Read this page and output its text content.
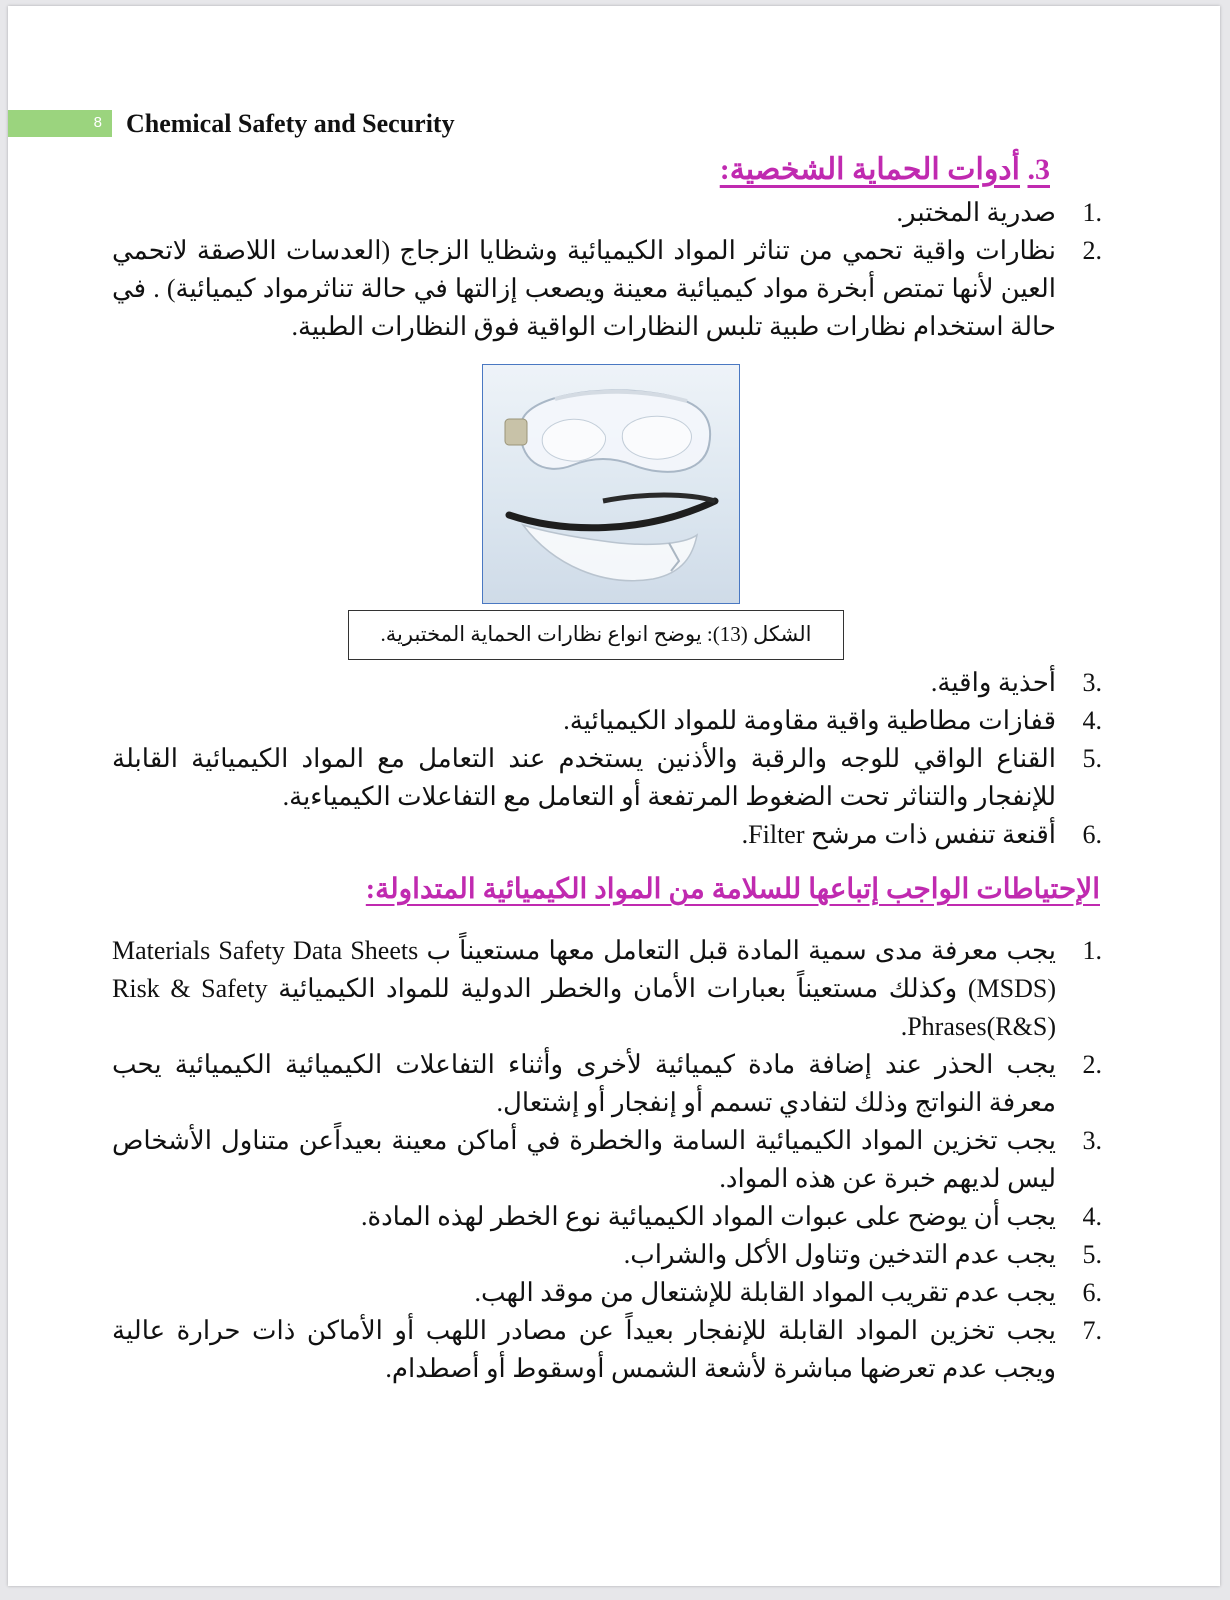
8 Chemical Safety and Security
3. أدوات الحماية الشخصية:
1.
صدرية المختبر.
2.
نظارات واقية تحمي من تناثر المواد الكيميائية وشظايا الزجاج (العدسات اللاصقة لاتحمي العين لأنها تمتص أبخرة مواد كيميائية معينة ويصعب إزالتها في حالة تناثرمواد كيميائية) . في حالة استخدام نظارات طبية تلبس النظارات الواقية فوق النظارات الطبية.
الشكل (13): يوضح انواع نظارات الحماية المختبرية.
3.
أحذية واقية.
4.
قفازات مطاطية واقية مقاومة للمواد الكيميائية.
5.
القناع الواقي للوجه والرقبة والأذنين يستخدم عند التعامل مع المواد الكيميائية القابلة للإنفجار والتناثر تحت الضغوط المرتفعة أو التعامل مع التفاعلات الكيمياءية.
6.
أقنعة تنفس ذات مرشح Filter.
الإحتياطات الواجب إتباعها للسلامة من المواد الكيميائية المتداولة:
1.
يجب معرفة مدى سمية المادة قبل التعامل معها مستعيناً ب Materials Safety Data Sheets (MSDS) وكذلك مستعيناً بعبارات الأمان والخطر الدولية للمواد الكيميائية Risk & Safety Phrases(R&S).
2.
يجب الحذر عند إضافة مادة كيميائية لأخرى وأثناء التفاعلات الكيميائية الكيميائية يحب معرفة النواتج وذلك لتفادي تسمم أو إنفجار أو إشتعال.
3.
يجب تخزين المواد الكيميائية السامة والخطرة في أماكن معينة بعيداًعن متناول الأشخاص ليس لديهم خبرة عن هذه المواد.
4.
يجب أن يوضح على عبوات المواد الكيميائية نوع الخطر لهذه المادة.
5.
يجب عدم التدخين وتناول الأكل والشراب.
6.
يجب عدم تقريب المواد القابلة للإشتعال من موقد الهب.
7.
يجب تخزين المواد القابلة للإنفجار بعيداً عن مصادر اللهب أو الأماكن ذات حرارة عالية ويجب عدم تعرضها مباشرة لأشعة الشمس أوسقوط أو أصطدام.
